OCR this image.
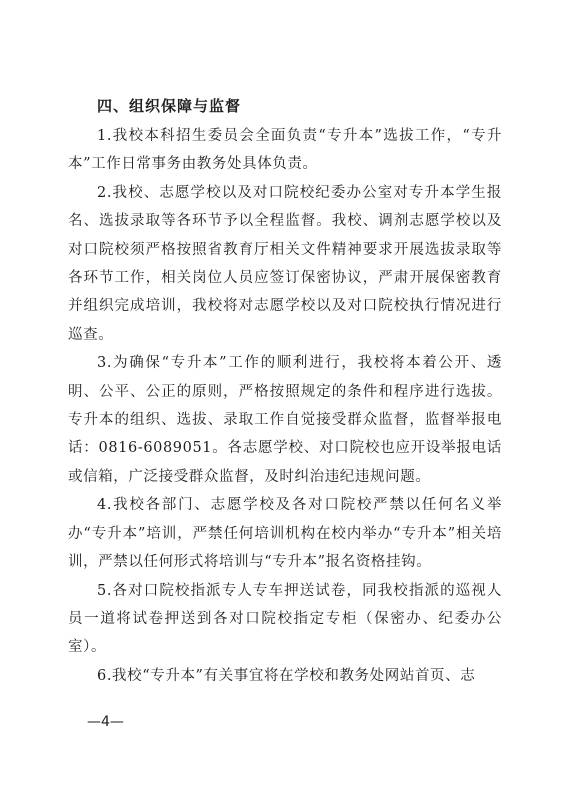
四、组织保障与监督

1.我校本科招生委员会全面负责“专升本”选拔工作，“专升本”工作日常事务由教务处具体负责。

2.我校、志愿学校以及对口院校纪委办公室对专升本学生报名、选拔录取等各环节予以全程监督。我校、调剂志愿学校以及对口院校须严格按照省教育厅相关文件精神要求开展选拔录取等各环节工作，相关岗位人员应签订保密协议，严肃开展保密教育并组织完成培训，我校将对志愿学校以及对口院校执行情况进行巡查。

3.为确保“专升本”工作的顺利进行，我校将本着公开、透明、公平、公正的原则，严格按照规定的条件和程序进行选拔。专升本的组织、选拔、录取工作自觉接受群众监督，监督举报电话：0816-6089051。各志愿学校、对口院校也应开设举报电话或信箱，广泛接受群众监督，及时纠治违纪违规问题。

4.我校各部门、志愿学校及各对口院校严禁以任何名义举办“专升本”培训，严禁任何培训机构在校内举办“专升本”相关培训，严禁以任何形式将培训与“专升本”报名资格挂钩。

5.各对口院校指派专人专车押送试卷，同我校指派的巡视人员一道将试卷押送到各对口院校指定专柜（保密办、纪委办公室）。

6.我校“专升本”有关事宜将在学校和教务处网站首页、志

—4—
